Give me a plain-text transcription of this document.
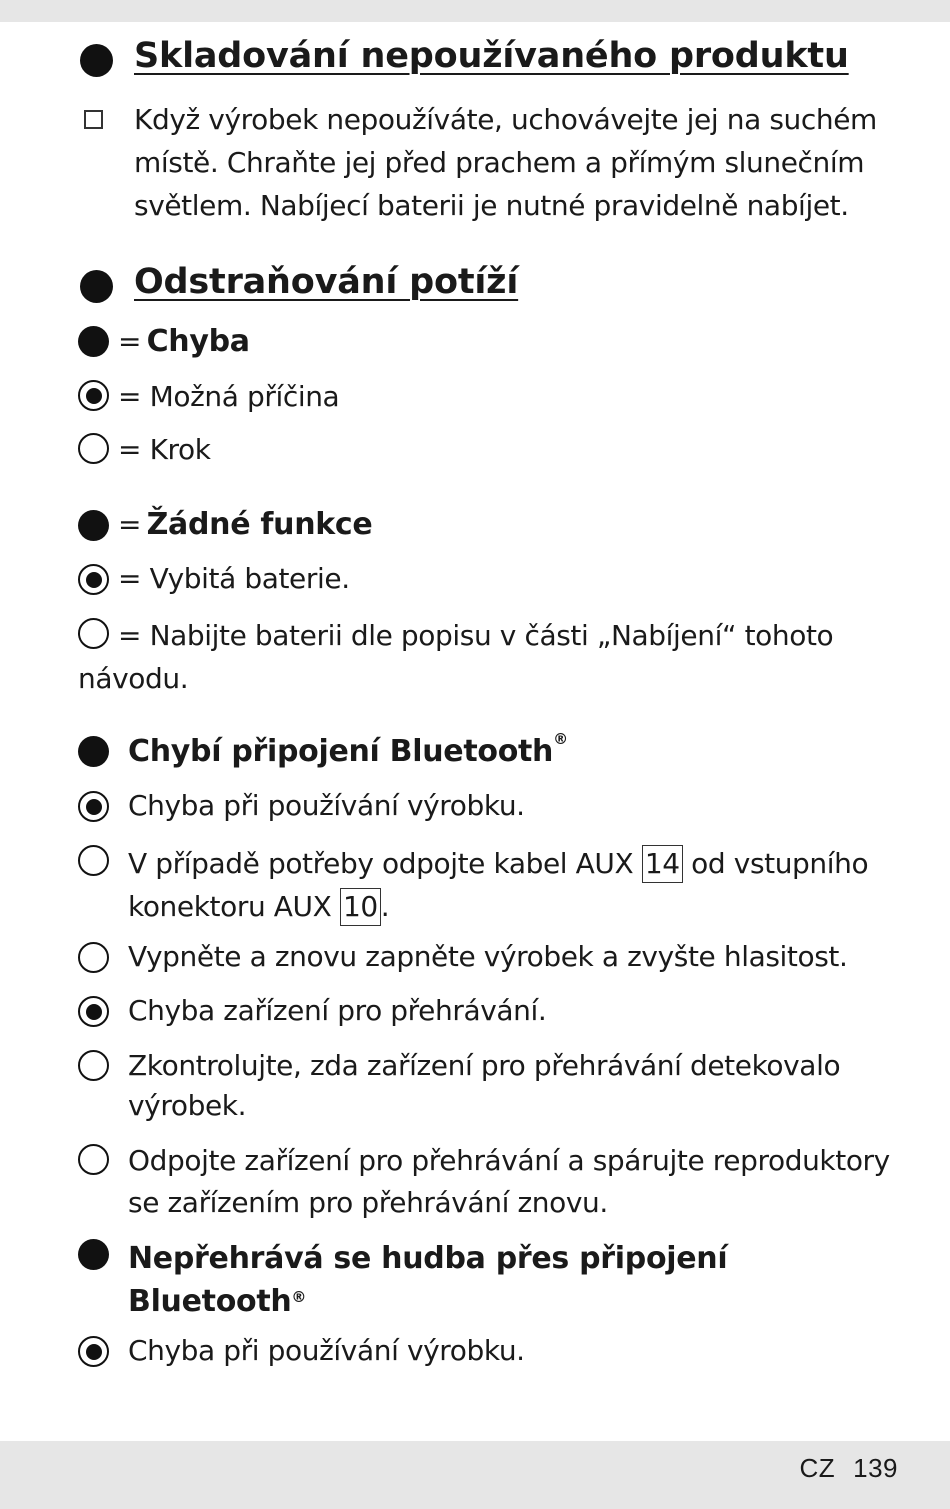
Skladování nepoužívaného produktu
Když výrobek nepoužíváte, uchovávejte jej na suchém místě. Chraňte jej před prachem a přímým slunečním světlem. Nabíjecí baterii je nutné pravidelně nabíjet.
Odstraňování potíží
= Chyba
= Možná příčina
= Krok
= Žádné funkce
= Vybitá baterie.
= Nabijte baterii dle popisu v části „Nabíjení“ tohoto návodu.
Chybí připojení Bluetooth®
Chyba při používání výrobku.
V případě potřeby odpojte kabel AUX 14 od vstupního konektoru AUX 10 .
Vypněte a znovu zapněte výrobek a zvyšte hlasitost.
Chyba zařízení pro přehrávání.
Zkontrolujte, zda zařízení pro přehrávání detekovalo výrobek.
Odpojte zařízení pro přehrávání a spárujte reproduktory se zařízením pro přehrávání znovu.
Nepřehrává se hudba přes připojení
Bluetooth®
Chyba při používání výrobku.
CZ 139
